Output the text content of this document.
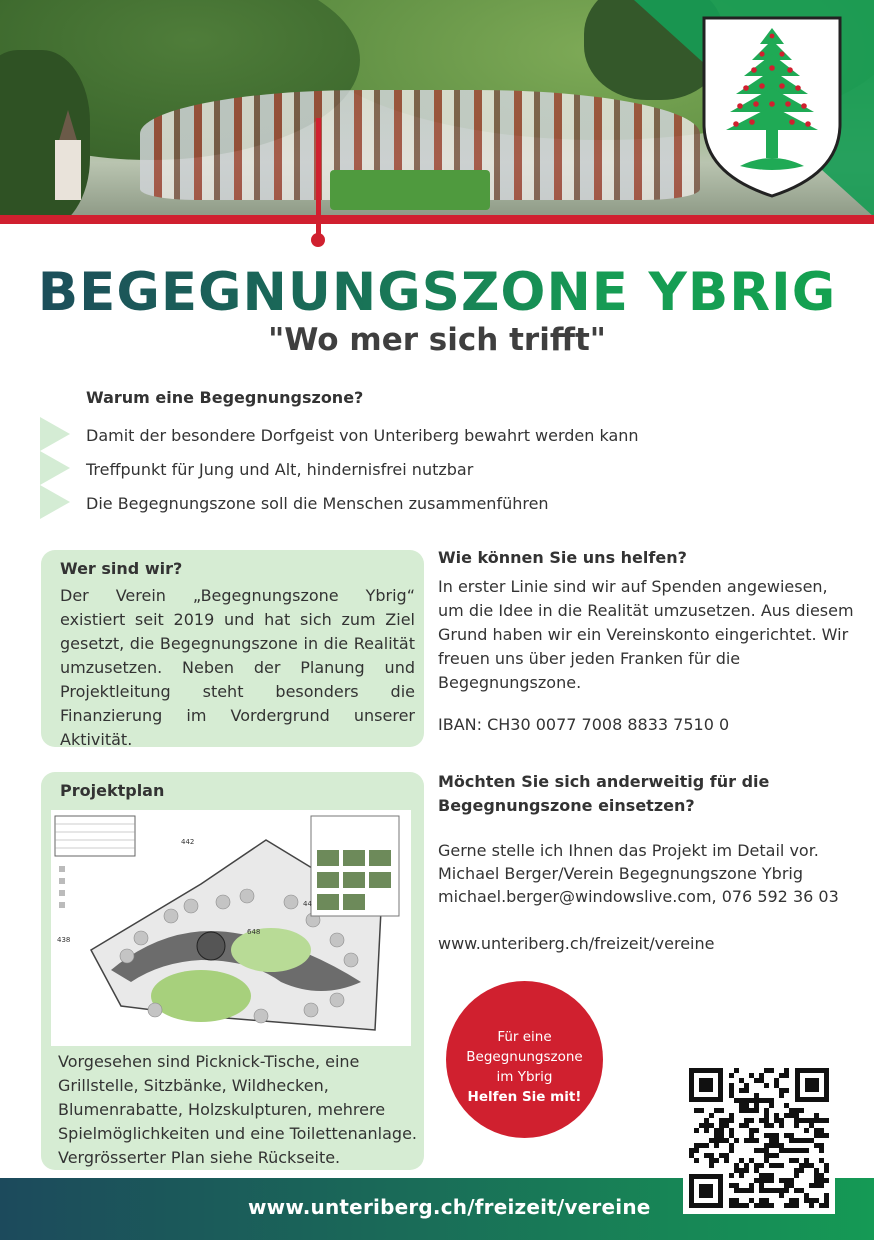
BEGEGNUNGSZONE YBRIG
"Wo mer sich trifft"
Warum eine Begegnungszone?
Damit der besondere Dorfgeist von Unteriberg bewahrt werden kann
Treffpunkt für Jung und Alt, hindernisfrei nutzbar
Die Begegnungszone soll die Menschen zusammenführen
Wer sind wir?

Der Verein „Begegnungszone Ybrig“ existiert seit 2019 und hat sich zum Ziel gesetzt, die Begegnungszone in die Realität umzusetzen. Neben der Planung und Projektleitung steht besonders die Finanzierung im Vordergrund unserer Aktivität.

Projektplan
442
438
44
648

Vorgesehen sind Picknick-Tische, eine Grillstelle, Sitzbänke, Wildhecken, Blumenrabatte, Holzskulpturen, mehrere Spielmöglichkeiten und eine Toilettenanlage. Vergrösserter Plan siehe Rückseite.

Wie können Sie uns helfen?
In erster Linie sind wir auf Spenden angewiesen, um die Idee in die Realität umzusetzen. Aus diesem Grund haben wir ein Vereinskonto eingerichtet. Wir freuen uns über jeden Franken für die Begegnungszone.
IBAN: CH30 0077 7008 8833 7510 0
Möchten Sie sich anderweitig für die
Begegnungszone einsetzen?
Gerne stelle ich Ihnen das Projekt im Detail vor.
Michael Berger/Verein Begegnungszone Ybrig
michael.berger@windowslive.com, 076 592 36 03
www.unteriberg.ch/freizeit/vereine
Für eine
Begegnungszone
im Ybrig
Helfen Sie mit!
www.unteriberg.ch/freizeit/vereine
